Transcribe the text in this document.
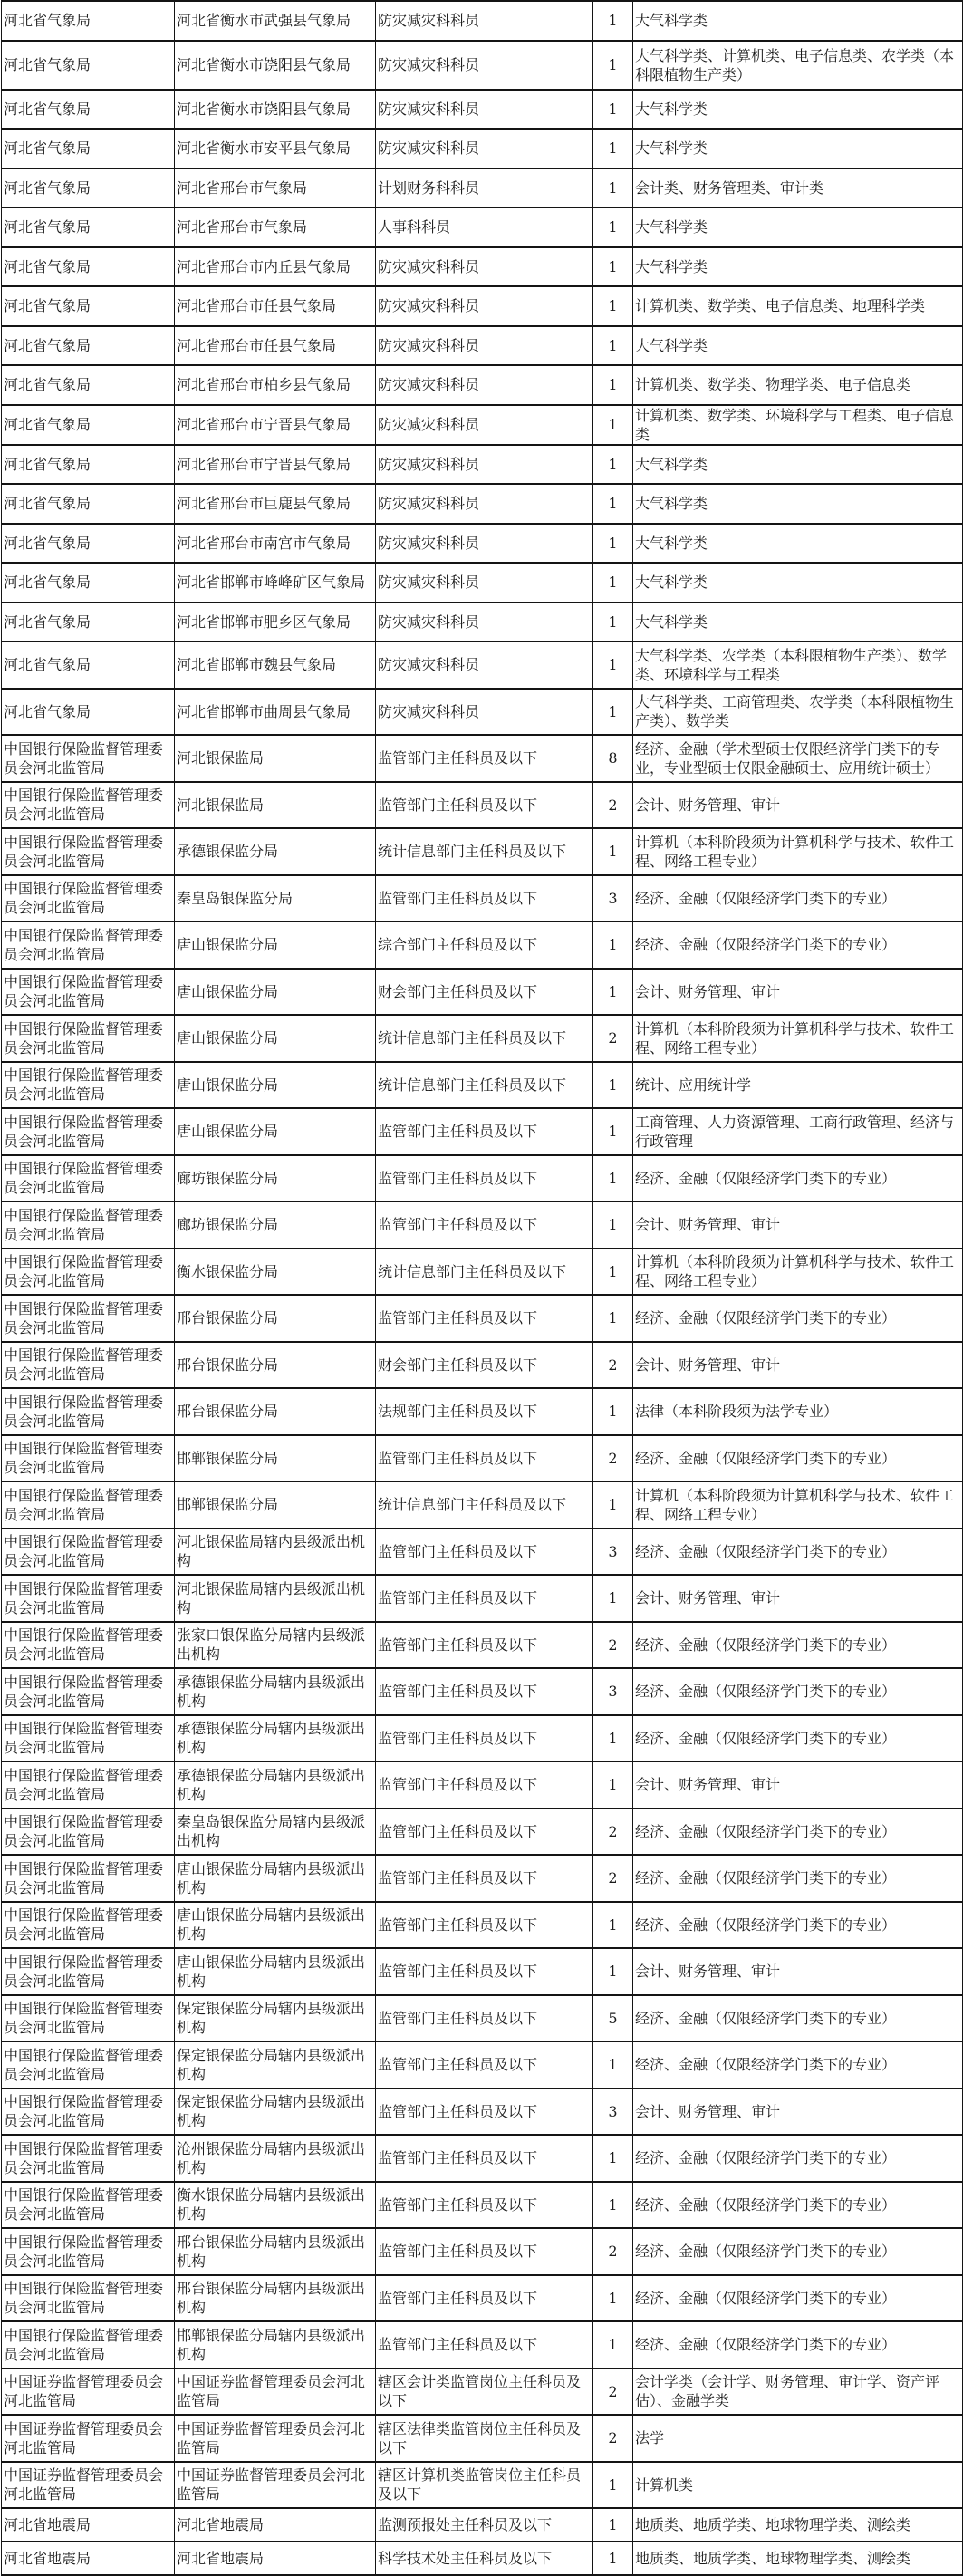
河北省气象局	河北省衡水市武强县气象局	防灾减灾科科员	1	大气科学类
河北省气象局	河北省衡水市饶阳县气象局	防灾减灾科科员	1	大气科学类、计算机类、电子信息类、农学类（本科限植物生产类）
河北省气象局	河北省衡水市饶阳县气象局	防灾减灾科科员	1	大气科学类
河北省气象局	河北省衡水市安平县气象局	防灾减灾科科员	1	大气科学类
河北省气象局	河北省邢台市气象局	计划财务科科员	1	会计类、财务管理类、审计类
河北省气象局	河北省邢台市气象局	人事科科员	1	大气科学类
河北省气象局	河北省邢台市内丘县气象局	防灾减灾科科员	1	大气科学类
河北省气象局	河北省邢台市任县气象局	防灾减灾科科员	1	计算机类、数学类、电子信息类、地理科学类
河北省气象局	河北省邢台市任县气象局	防灾减灾科科员	1	大气科学类
河北省气象局	河北省邢台市柏乡县气象局	防灾减灾科科员	1	计算机类、数学类、物理学类、电子信息类
河北省气象局	河北省邢台市宁晋县气象局	防灾减灾科科员	1	计算机类、数学类、环境科学与工程类、电子信息类
河北省气象局	河北省邢台市宁晋县气象局	防灾减灾科科员	1	大气科学类
河北省气象局	河北省邢台市巨鹿县气象局	防灾减灾科科员	1	大气科学类
河北省气象局	河北省邢台市南宫市气象局	防灾减灾科科员	1	大气科学类
河北省气象局	河北省邯郸市峰峰矿区气象局	防灾减灾科科员	1	大气科学类
河北省气象局	河北省邯郸市肥乡区气象局	防灾减灾科科员	1	大气科学类
河北省气象局	河北省邯郸市魏县气象局	防灾减灾科科员	1	大气科学类、农学类（本科限植物生产类）、数学类、环境科学与工程类
河北省气象局	河北省邯郸市曲周县气象局	防灾减灾科科员	1	大气科学类、工商管理类、农学类（本科限植物生产类）、数学类
中国银行保险监督管理委员会河北监管局	河北银保监局	监管部门主任科员及以下	8	经济、金融（学术型硕士仅限经济学门类下的专业，专业型硕士仅限金融硕士、应用统计硕士）
中国银行保险监督管理委员会河北监管局	河北银保监局	监管部门主任科员及以下	2	会计、财务管理、审计
中国银行保险监督管理委员会河北监管局	承德银保监分局	统计信息部门主任科员及以下	1	计算机（本科阶段须为计算机科学与技术、软件工程、网络工程专业）
中国银行保险监督管理委员会河北监管局	秦皇岛银保监分局	监管部门主任科员及以下	3	经济、金融（仅限经济学门类下的专业）
中国银行保险监督管理委员会河北监管局	唐山银保监分局	综合部门主任科员及以下	1	经济、金融（仅限经济学门类下的专业）
中国银行保险监督管理委员会河北监管局	唐山银保监分局	财会部门主任科员及以下	1	会计、财务管理、审计
中国银行保险监督管理委员会河北监管局	唐山银保监分局	统计信息部门主任科员及以下	2	计算机（本科阶段须为计算机科学与技术、软件工程、网络工程专业）
中国银行保险监督管理委员会河北监管局	唐山银保监分局	统计信息部门主任科员及以下	1	统计、应用统计学
中国银行保险监督管理委员会河北监管局	唐山银保监分局	监管部门主任科员及以下	1	工商管理、人力资源管理、工商行政管理、经济与行政管理
中国银行保险监督管理委员会河北监管局	廊坊银保监分局	监管部门主任科员及以下	1	经济、金融（仅限经济学门类下的专业）
中国银行保险监督管理委员会河北监管局	廊坊银保监分局	监管部门主任科员及以下	1	会计、财务管理、审计
中国银行保险监督管理委员会河北监管局	衡水银保监分局	统计信息部门主任科员及以下	1	计算机（本科阶段须为计算机科学与技术、软件工程、网络工程专业）
中国银行保险监督管理委员会河北监管局	邢台银保监分局	监管部门主任科员及以下	1	经济、金融（仅限经济学门类下的专业）
中国银行保险监督管理委员会河北监管局	邢台银保监分局	财会部门主任科员及以下	2	会计、财务管理、审计
中国银行保险监督管理委员会河北监管局	邢台银保监分局	法规部门主任科员及以下	1	法律（本科阶段须为法学专业）
中国银行保险监督管理委员会河北监管局	邯郸银保监分局	监管部门主任科员及以下	2	经济、金融（仅限经济学门类下的专业）
中国银行保险监督管理委员会河北监管局	邯郸银保监分局	统计信息部门主任科员及以下	1	计算机（本科阶段须为计算机科学与技术、软件工程、网络工程专业）
中国银行保险监督管理委员会河北监管局	河北银保监局辖内县级派出机构	监管部门主任科员及以下	3	经济、金融（仅限经济学门类下的专业）
中国银行保险监督管理委员会河北监管局	河北银保监局辖内县级派出机构	监管部门主任科员及以下	1	会计、财务管理、审计
中国银行保险监督管理委员会河北监管局	张家口银保监分局辖内县级派出机构	监管部门主任科员及以下	2	经济、金融（仅限经济学门类下的专业）
中国银行保险监督管理委员会河北监管局	承德银保监分局辖内县级派出机构	监管部门主任科员及以下	3	经济、金融（仅限经济学门类下的专业）
中国银行保险监督管理委员会河北监管局	承德银保监分局辖内县级派出机构	监管部门主任科员及以下	1	经济、金融（仅限经济学门类下的专业）
中国银行保险监督管理委员会河北监管局	承德银保监分局辖内县级派出机构	监管部门主任科员及以下	1	会计、财务管理、审计
中国银行保险监督管理委员会河北监管局	秦皇岛银保监分局辖内县级派出机构	监管部门主任科员及以下	2	经济、金融（仅限经济学门类下的专业）
中国银行保险监督管理委员会河北监管局	唐山银保监分局辖内县级派出机构	监管部门主任科员及以下	2	经济、金融（仅限经济学门类下的专业）
中国银行保险监督管理委员会河北监管局	唐山银保监分局辖内县级派出机构	监管部门主任科员及以下	1	经济、金融（仅限经济学门类下的专业）
中国银行保险监督管理委员会河北监管局	唐山银保监分局辖内县级派出机构	监管部门主任科员及以下	1	会计、财务管理、审计
中国银行保险监督管理委员会河北监管局	保定银保监分局辖内县级派出机构	监管部门主任科员及以下	5	经济、金融（仅限经济学门类下的专业）
中国银行保险监督管理委员会河北监管局	保定银保监分局辖内县级派出机构	监管部门主任科员及以下	1	经济、金融（仅限经济学门类下的专业）
中国银行保险监督管理委员会河北监管局	保定银保监分局辖内县级派出机构	监管部门主任科员及以下	3	会计、财务管理、审计
中国银行保险监督管理委员会河北监管局	沧州银保监分局辖内县级派出机构	监管部门主任科员及以下	1	经济、金融（仅限经济学门类下的专业）
中国银行保险监督管理委员会河北监管局	衡水银保监分局辖内县级派出机构	监管部门主任科员及以下	1	经济、金融（仅限经济学门类下的专业）
中国银行保险监督管理委员会河北监管局	邢台银保监分局辖内县级派出机构	监管部门主任科员及以下	2	经济、金融（仅限经济学门类下的专业）
中国银行保险监督管理委员会河北监管局	邢台银保监分局辖内县级派出机构	监管部门主任科员及以下	1	经济、金融（仅限经济学门类下的专业）
中国银行保险监督管理委员会河北监管局	邯郸银保监分局辖内县级派出机构	监管部门主任科员及以下	1	经济、金融（仅限经济学门类下的专业）
中国证券监督管理委员会河北监管局	中国证券监督管理委员会河北监管局	辖区会计类监管岗位主任科员及以下	2	会计学类（会计学、财务管理、审计学、资产评估）、金融学类
中国证券监督管理委员会河北监管局	中国证券监督管理委员会河北监管局	辖区法律类监管岗位主任科员及以下	2	法学
中国证券监督管理委员会河北监管局	中国证券监督管理委员会河北监管局	辖区计算机类监管岗位主任科员及以下	1	计算机类
河北省地震局	河北省地震局	监测预报处主任科员及以下	1	地质类、地质学类、地球物理学类、测绘类
河北省地震局	河北省地震局	科学技术处主任科员及以下	1	地质类、地质学类、地球物理学类、测绘类
